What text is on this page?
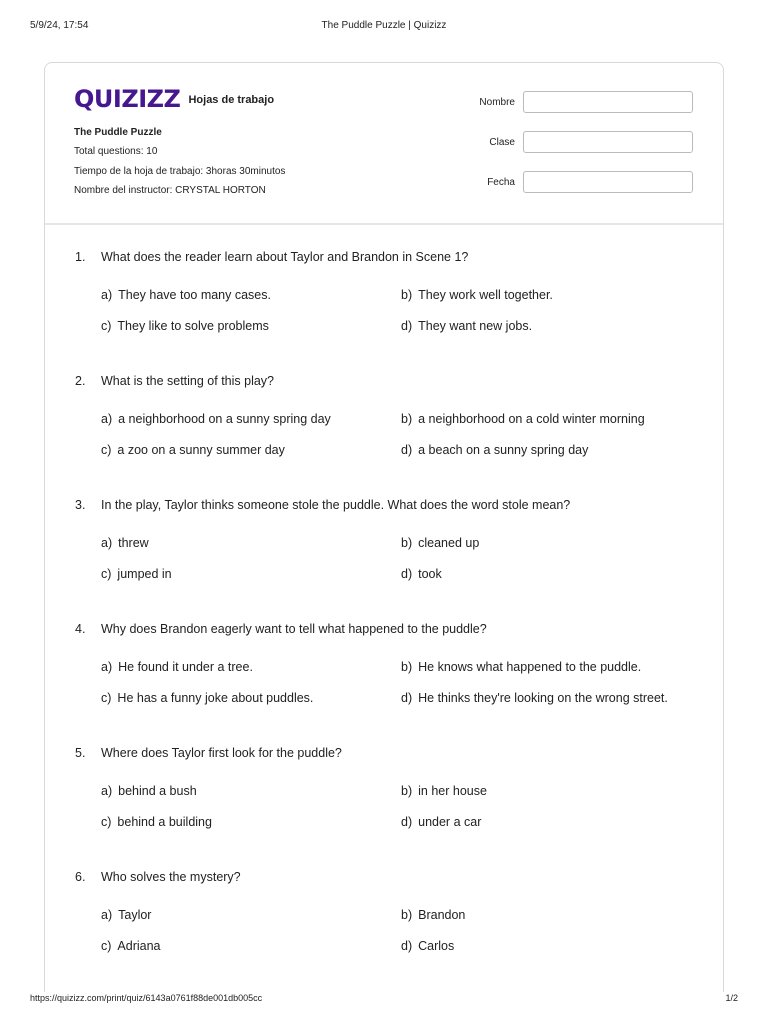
5/9/24, 17:54	The Puddle Puzzle | Quizizz
QUIZIZZ Hojas de trabajo
The Puddle Puzzle
Total questions: 10
Tiempo de la hoja de trabajo: 3horas 30minutos
Nombre del instructor: CRYSTAL HORTON
Nombre
Clase
Fecha
1. What does the reader learn about Taylor and Brandon in Scene 1?
a) They have too many cases.	b) They work well together.
c) They like to solve problems	d) They want new jobs.
2. What is the setting of this play?
a) a neighborhood on a sunny spring day	b) a neighborhood on a cold winter morning
c) a zoo on a sunny summer day	d) a beach on a sunny spring day
3. In the play, Taylor thinks someone stole the puddle. What does the word stole mean?
a) threw	b) cleaned up
c) jumped in	d) took
4. Why does Brandon eagerly want to tell what happened to the puddle?
a) He found it under a tree.	b) He knows what happened to the puddle.
c) He has a funny joke about puddles.	d) He thinks they're looking on the wrong street.
5. Where does Taylor first look for the puddle?
a) behind a bush	b) in her house
c) behind a building	d) under a car
6. Who solves the mystery?
a) Taylor	b) Brandon
c) Adriana	d) Carlos
https://quizizz.com/print/quiz/6143a0761f88de001db005cc	1/2
